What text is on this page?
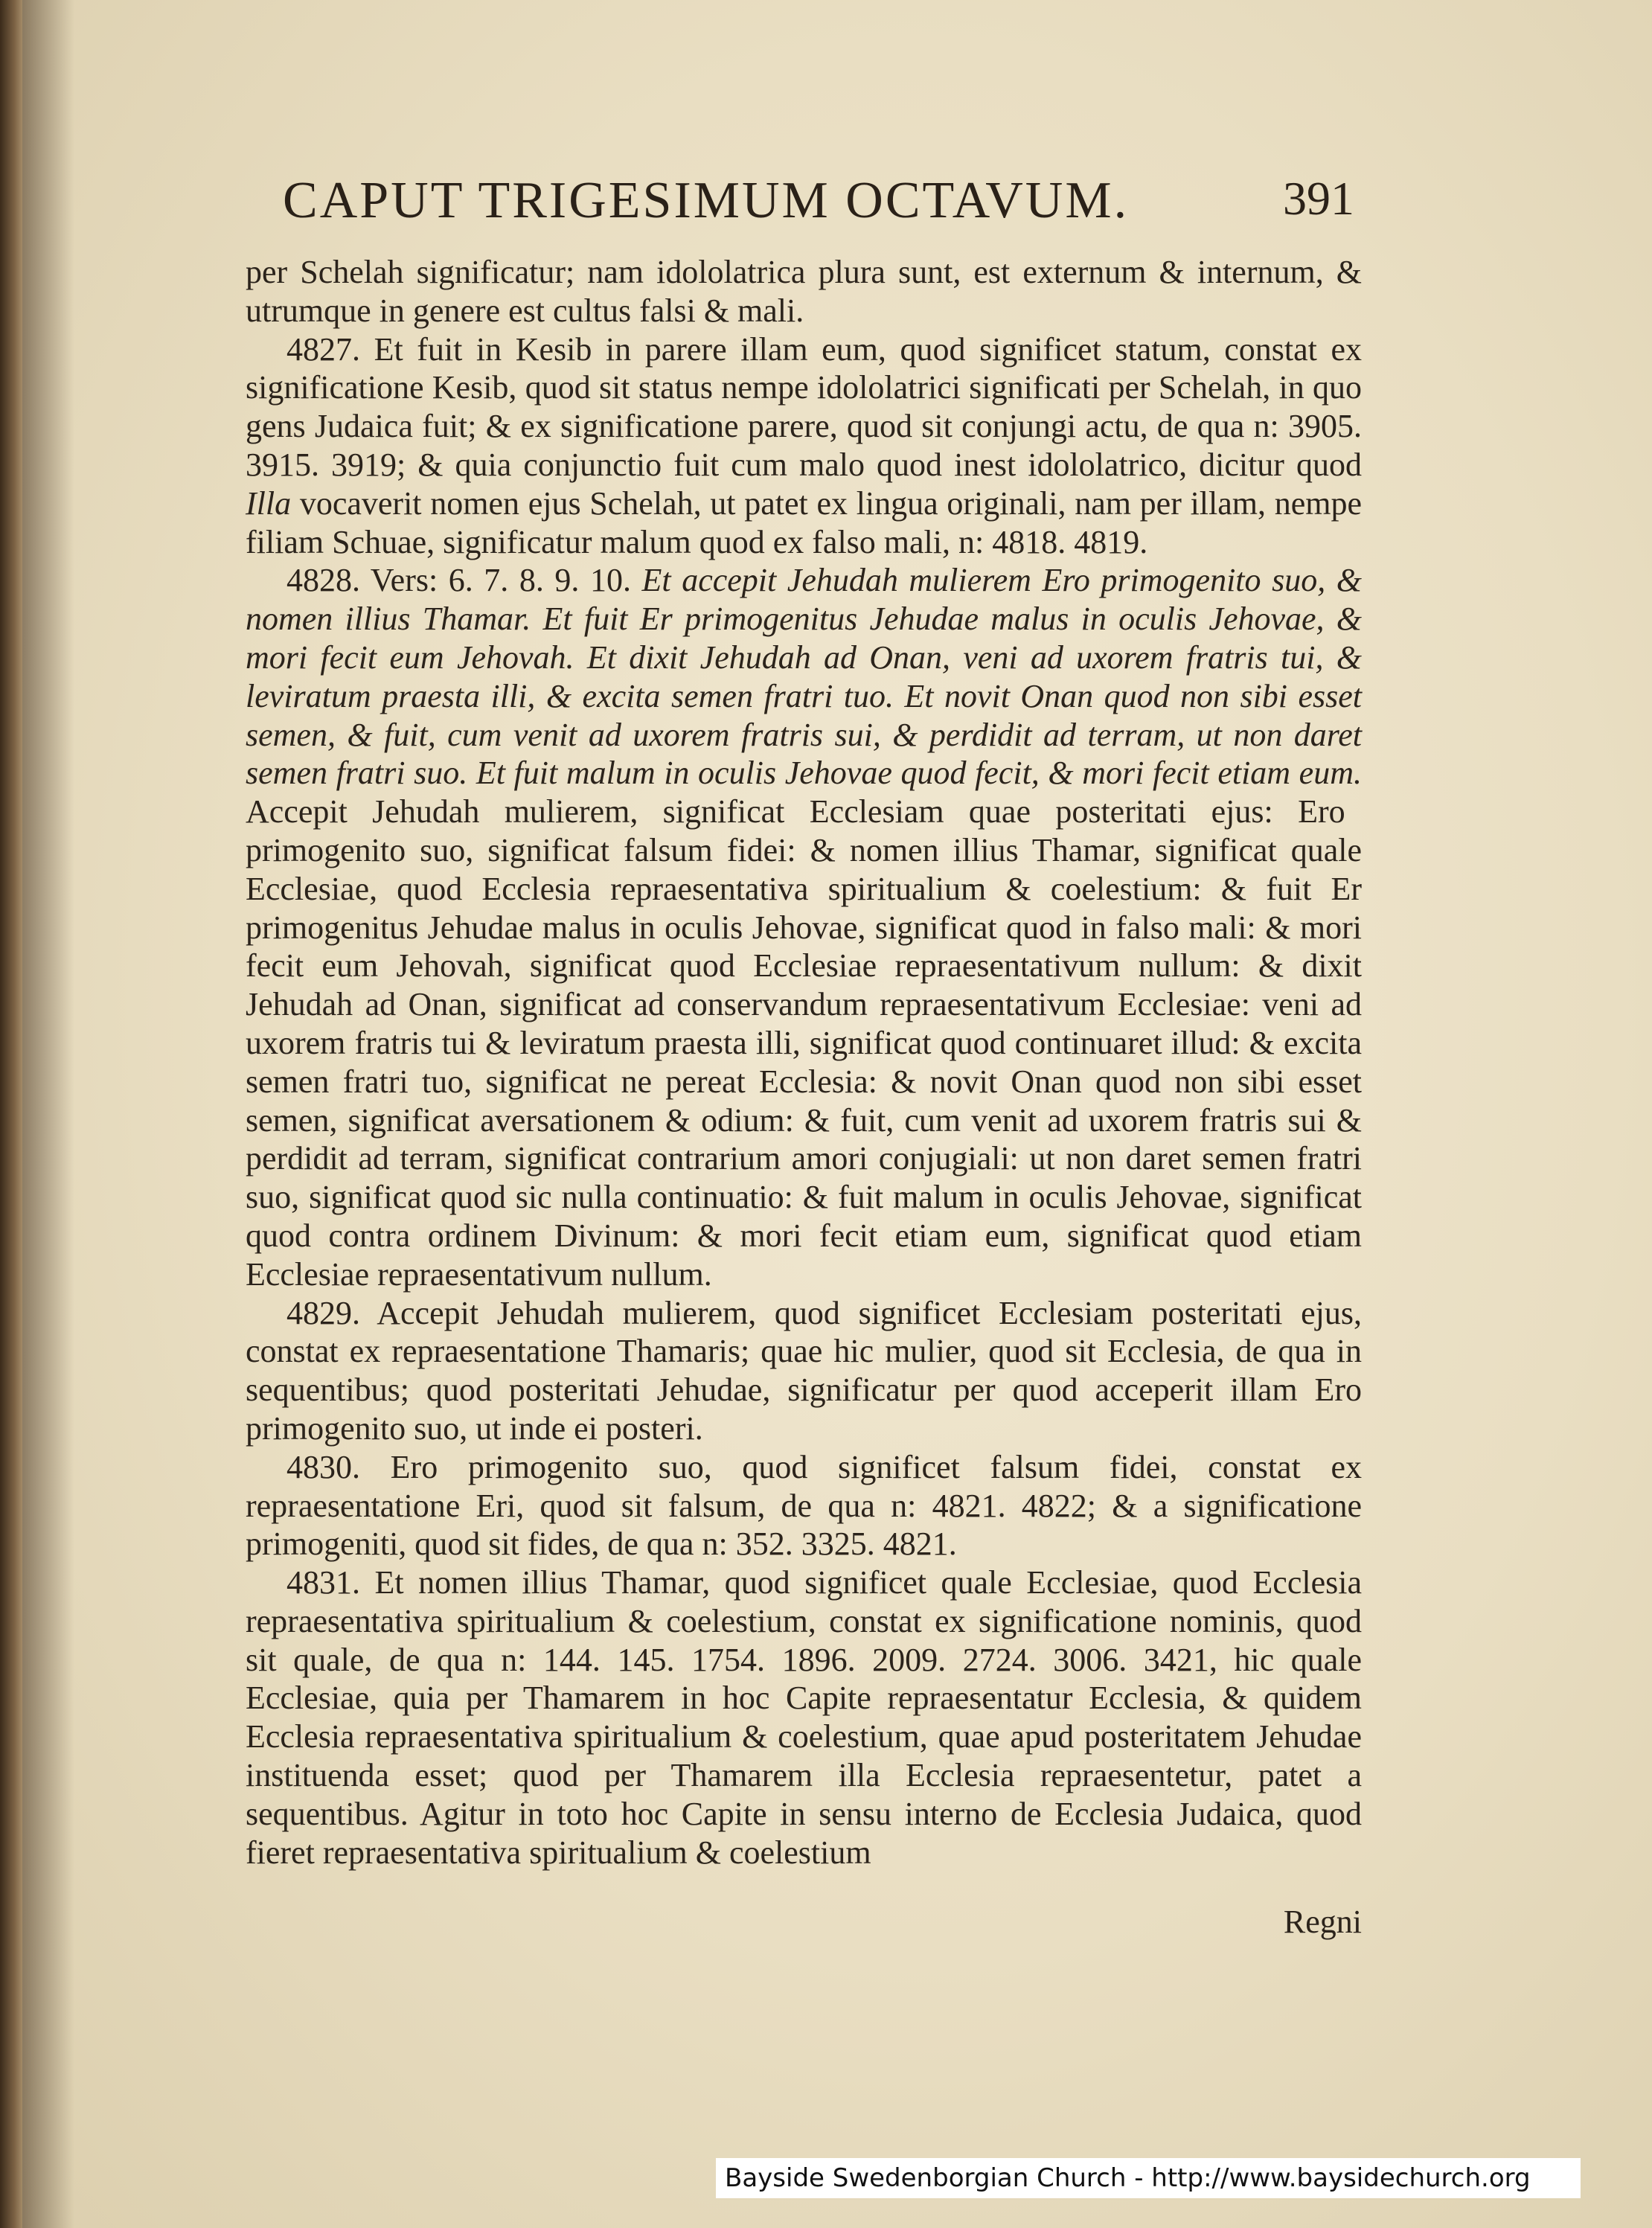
CAPUT TRIGESIMUM OCTAVUM.	391

per Schelah significatur; nam idololatrica plura sunt, est externum & internum, & utrumque in genere est cultus falsi & mali.

4827. Et fuit in Kesib in parere illam eum, quod significet statum, constat ex significatione Kesib, quod sit status nempe idololatrici significati per Schelah, in quo gens Judaica fuit; & ex significatione parere, quod sit conjungi actu, de qua n: 3905. 3915. 3919; & quia conjunctio fuit cum malo quod inest idololatrico, dicitur quod Illa vocaverit nomen ejus Schelah, ut patet ex lingua originali, nam per illam, nempe filiam Schuae, significatur malum quod ex falso mali, n: 4818. 4819.

4828. Vers: 6. 7. 8. 9. 10. Et accepit Jehudah mulierem Ero primogenito suo, & nomen illius Thamar. Et fuit Er primogenitus Jehudae malus in oculis Jehovae, & mori fecit eum Jehovah. Et dixit Jehudah ad Onan, veni ad uxorem fratris tui, & leviratum praesta illi, & excita semen fratri tuo. Et novit Onan quod non sibi esset semen, & fuit, cum venit ad uxorem fratris sui, & perdidit ad terram, ut non daret semen fratri suo. Et fuit malum in oculis Jehovae quod fecit, & mori fecit etiam eum. Accepit Jehudah mulierem, significat Ecclesiam quae posteritati ejus: Ero primogenito suo, significat falsum fidei: & nomen illius Thamar, significat quale Ecclesiae, quod Ecclesia repraesentativa spiritualium & coelestium: & fuit Er primogenitus Jehudae malus in oculis Jehovae, significat quod in falso mali: & mori fecit eum Jehovah, significat quod Ecclesiae repraesentativum nullum: & dixit Jehudah ad Onan, significat ad conservandum repraesentativum Ecclesiae: veni ad uxorem fratris tui & leviratum praesta illi, significat quod continuaret illud: & excita semen fratri tuo, significat ne pereat Ecclesia: & novit Onan quod non sibi esset semen, significat aversationem & odium: & fuit, cum venit ad uxorem fratris sui & perdidit ad terram, significat contrarium amori conjugiali: ut non daret semen fratri suo, significat quod sic nulla continuatio: & fuit malum in oculis Jehovae, significat quod contra ordinem Divinum: & mori fecit etiam eum, significat quod etiam Ecclesiae repraesentativum nullum.

4829. Accepit Jehudah mulierem, quod significet Ecclesiam posteritati ejus, constat ex repraesentatione Thamaris; quae hic mulier, quod sit Ecclesia, de qua in sequentibus; quod posteritati Jehudae, significatur per quod acceperit illam Ero primogenito suo, ut inde ei posteri.

4830. Ero primogenito suo, quod significet falsum fidei, constat ex repraesentatione Eri, quod sit falsum, de qua n: 4821. 4822; & a significatione primogeniti, quod sit fides, de qua n: 352. 3325. 4821.

4831. Et nomen illius Thamar, quod significet quale Ecclesiae, quod Ecclesia repraesentativa spiritualium & coelestium, constat ex significatione nominis, quod sit quale, de qua n: 144. 145. 1754. 1896. 2009. 2724. 3006. 3421, hic quale Ecclesiae, quia per Thamarem in hoc Capite repraesentatur Ecclesia, & quidem Ecclesia repraesentativa spiritualium & coelestium, quae apud posteritatem Jehudae instituenda esset; quod per Thamarem illa Ecclesia repraesentetur, patet a sequentibus. Agitur in toto hoc Capite in sensu interno de Ecclesia Judaica, quod fieret repraesentativa spiritualium & coelestium

Regni
Bayside Swedenborgian Church - http://www.baysidechurch.org
